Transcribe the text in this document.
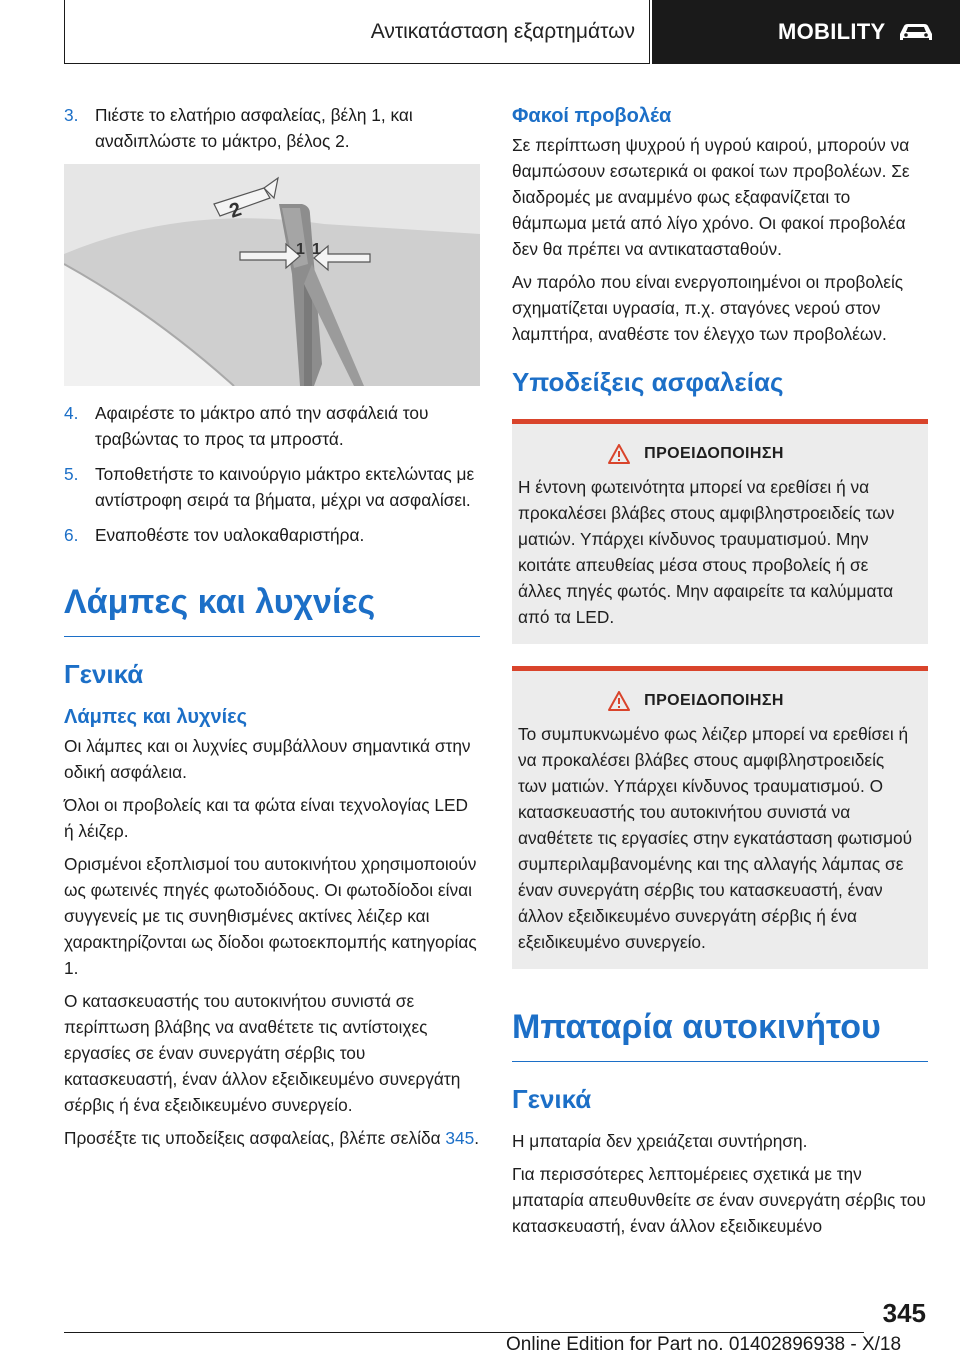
Αντικατάσταση εξαρτημάτων	MOBILITY
3. Πιέστε το ελατήριο ασφαλείας, βέλη 1, και αναδιπλώστε το μάκτρο, βέλος 2.
2
1 1
4. Αφαιρέστε το μάκτρο από την ασφάλειά του τραβώντας το προς τα μπροστά.
5. Τοποθετήστε το καινούργιο μάκτρο εκτελώντας με αντίστροφη σειρά τα βήματα, μέχρι να ασφαλίσει.
6. Εναποθέστε τον υαλοκαθαριστήρα.
Λάμπες και λυχνίες
Γενικά
Λάμπες και λυχνίες

Οι λάμπες και οι λυχνίες συμβάλλουν σημαντικά στην οδική ασφάλεια.

Όλοι οι προβολείς και τα φώτα είναι τεχνολογίας LED ή λέιζερ.

Ορισμένοι εξοπλισμοί του αυτοκινήτου χρησιμοποιούν ως φωτεινές πηγές φωτοδιόδους. Οι φωτοδίοδοι είναι συγγενείς με τις συνηθισμένες ακτίνες λέιζερ και χαρακτηρίζονται ως δίοδοι φωτοεκπομπής κατηγορίας 1.

Ο κατασκευαστής του αυτοκινήτου συνιστά σε περίπτωση βλάβης να αναθέτετε τις αντίστοιχες εργασίες σε έναν συνεργάτη σέρβις του κατασκευαστή, έναν άλλον εξειδικευμένο συνεργάτη σέρβις ή ένα εξειδικευμένο συνεργείο.

Προσέξτε τις υποδείξεις ασφαλείας, βλέπε σελίδα 345.

Φακοί προβολέα

Σε περίπτωση ψυχρού ή υγρού καιρού, μπορούν να θαμπώσουν εσωτερικά οι φακοί των προβολέων. Σε διαδρομές με αναμμένο φως εξαφανίζεται το θάμπωμα μετά από λίγο χρόνο. Οι φακοί προβολέα δεν θα πρέπει να αντικατασταθούν.

Αν παρόλο που είναι ενεργοποιημένοι οι προβολείς σχηματίζεται υγρασία, π.χ. σταγόνες νερού στον λαμπτήρα, αναθέστε τον έλεγχο των προβολέων.

Υποδείξεις ασφαλείας
ΠΡΟΕΙΔΟΠΟΙΗΣΗ

Η έντονη φωτεινότητα μπορεί να ερεθίσει ή να προκαλέσει βλάβες στους αμφιβληστροειδείς των ματιών. Υπάρχει κίνδυνος τραυματισμού. Μην κοιτάτε απευθείας μέσα στους προβολείς ή σε άλλες πηγές φωτός. Μην αφαιρείτε τα καλύμματα από τα LED.

ΠΡΟΕΙΔΟΠΟΙΗΣΗ

Το συμπυκνωμένο φως λέιζερ μπορεί να ερεθίσει ή να προκαλέσει βλάβες στους αμφιβληστροειδείς των ματιών. Υπάρχει κίνδυνος τραυματισμού. Ο κατασκευαστής του αυτοκινήτου συνιστά να αναθέτετε τις εργασίες στην εγκατάσταση φωτισμού συμπεριλαμβανομένης και της αλλαγής λάμπας σε έναν συνεργάτη σέρβις του κατασκευαστή, έναν άλλον εξειδικευμένο συνεργάτη σέρβις ή ένα εξειδικευμένο συνεργείο.

Μπαταρία αυτοκινήτου
Γενικά

Η μπαταρία δεν χρειάζεται συντήρηση.

Για περισσότερες λεπτομέρειες σχετικά με την μπαταρία απευθυνθείτε σε έναν συνεργάτη σέρβις του κατασκευαστή, έναν άλλον εξειδικευμένο

345
Online Edition for Part no. 01402896938 - X/18
